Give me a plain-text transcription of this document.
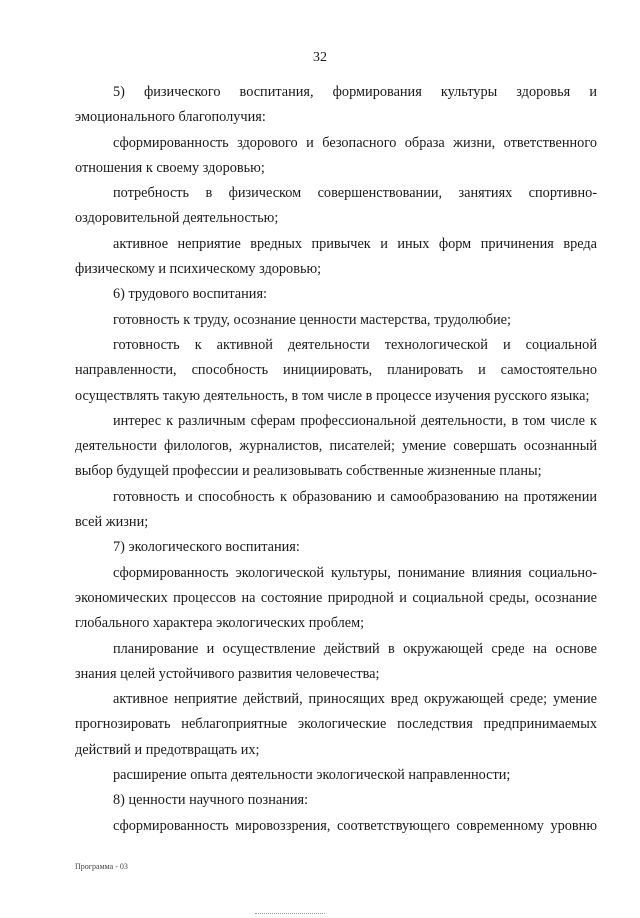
32

5) физического воспитания, формирования культуры здоровья и эмоционального благополучия:

сформированность здорового и безопасного образа жизни, ответственного отношения к своему здоровью;

потребность в физическом совершенствовании, занятиях спортивно-оздоровительной деятельностью;

активное неприятие вредных привычек и иных форм причинения вреда физическому и психическому здоровью;

6) трудового воспитания:

готовность к труду, осознание ценности мастерства, трудолюбие;

готовность к активной деятельности технологической и социальной направленности, способность инициировать, планировать и самостоятельно осуществлять такую деятельность, в том числе в процессе изучения русского языка;

интерес к различным сферам профессиональной деятельности, в том числе к деятельности филологов, журналистов, писателей; умение совершать осознанный выбор будущей профессии и реализовывать собственные жизненные планы;

готовность и способность к образованию и самообразованию на протяжении всей жизни;

7) экологического воспитания:

сформированность экологической культуры, понимание влияния социально-экономических процессов на состояние природной и социальной среды, осознание глобального характера экологических проблем;

планирование и осуществление действий в окружающей среде на основе знания целей устойчивого развития человечества;

активное неприятие действий, приносящих вред окружающей среде; умение прогнозировать неблагоприятные экологические последствия предпринимаемых действий и предотвращать их;

расширение опыта деятельности экологической направленности;

8) ценности научного познания:

сформированность мировоззрения, соответствующего современному уровню

Программа - 03
